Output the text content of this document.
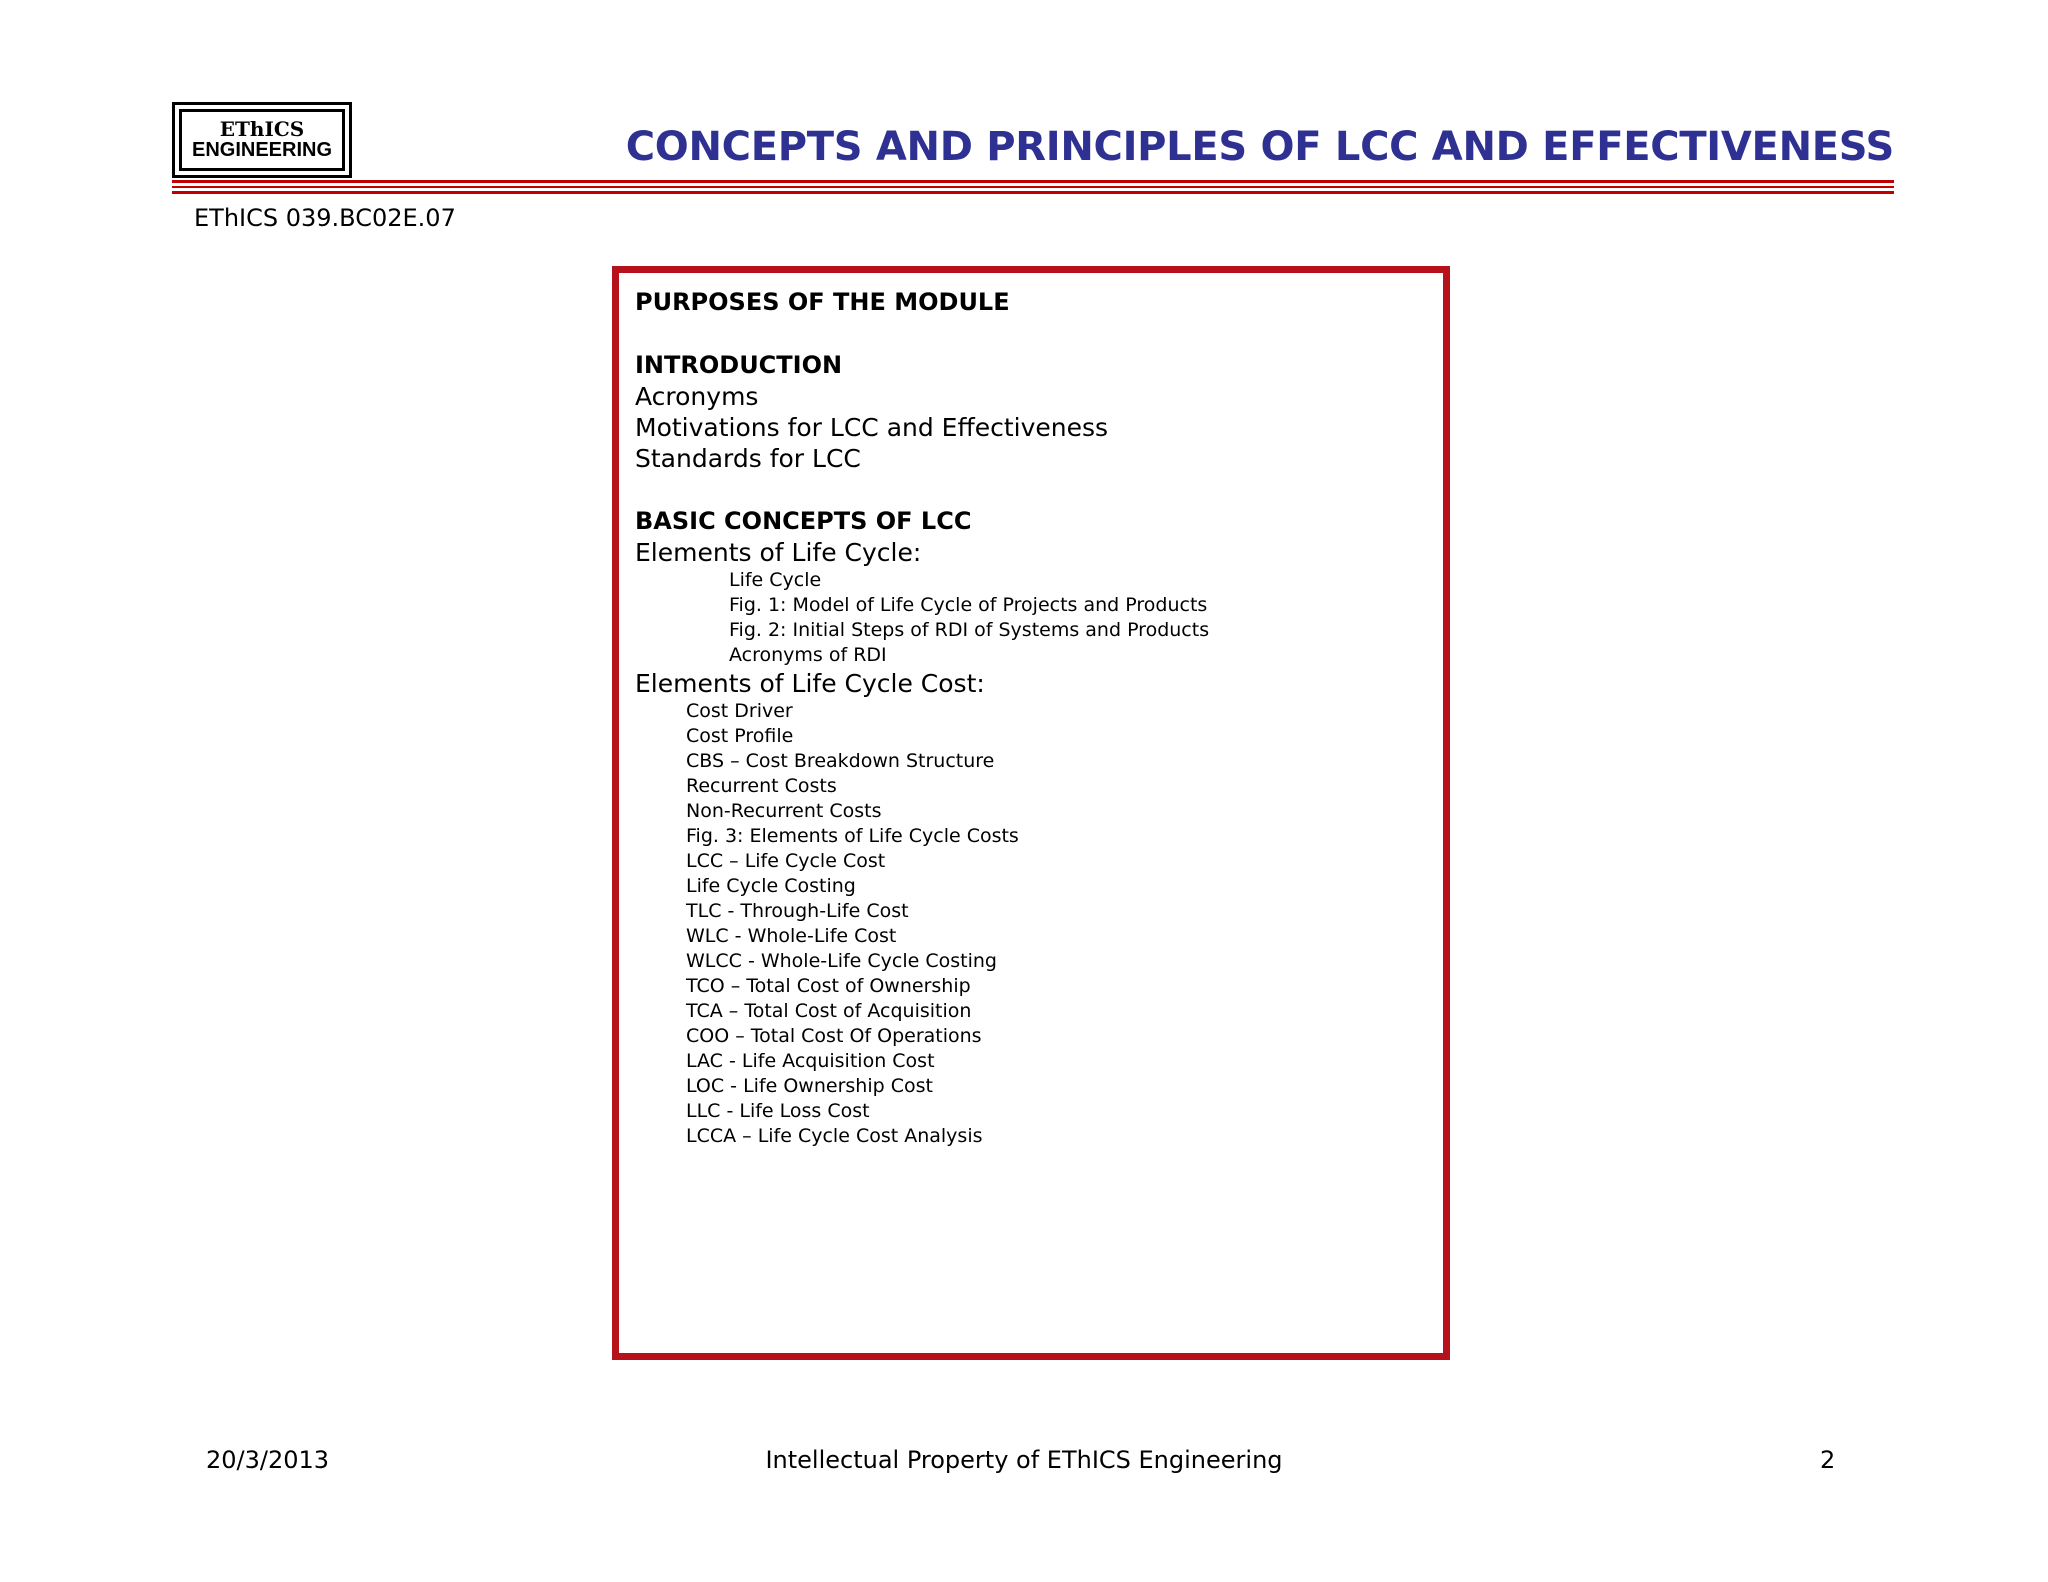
EThICS
ENGINEERING	CONCEPTS AND PRINCIPLES OF LCC AND EFFECTIVENESS
EThICS 039.BC02E.07
PURPOSES OF THE MODULE
INTRODUCTION
Acronyms
Motivations for LCC and Effectiveness
Standards for LCC
BASIC CONCEPTS OF LCC
Elements of Life Cycle:
Life Cycle
Fig. 1: Model of Life Cycle of Projects and Products
Fig. 2: Initial Steps of RDI of Systems and Products
Acronyms of RDI
Elements of Life Cycle Cost:
Cost Driver
Cost Profile
CBS – Cost Breakdown Structure
Recurrent Costs
Non-Recurrent Costs
Fig. 3: Elements of Life Cycle Costs
LCC – Life Cycle Cost
Life Cycle Costing
TLC - Through-Life Cost
WLC - Whole-Life Cost
WLCC - Whole-Life Cycle Costing
TCO – Total Cost of Ownership
TCA – Total Cost of Acquisition
COO – Total Cost Of Operations
LAC - Life Acquisition Cost
LOC - Life Ownership Cost
LLC - Life Loss Cost
LCCA – Life Cycle Cost Analysis
20/3/2013	Intellectual Property of EThICS Engineering	2
